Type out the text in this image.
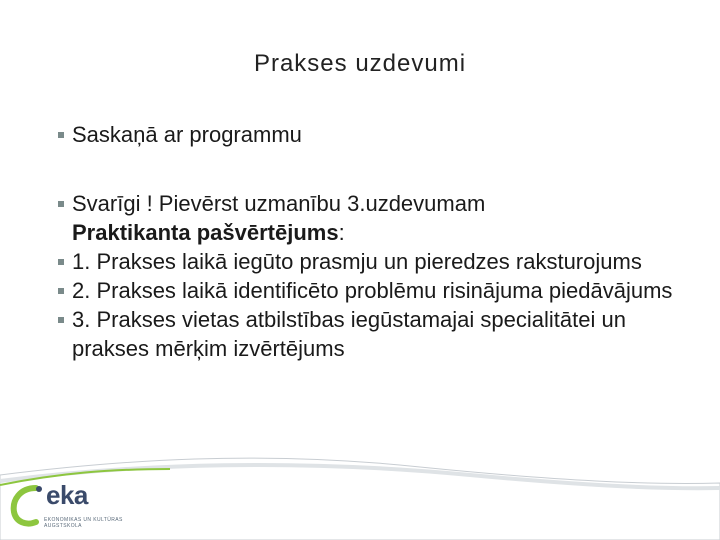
Prakses uzdevumi
Saskaņā ar programmu
Svarīgi ! Pievērst uzmanību 3.uzdevumam
Praktikanta pašvērtējums:
1. Prakses laikā iegūto prasmju un pieredzes raksturojums
2. Prakses laikā identificēto problēmu risinājuma piedāvājums
3. Prakses vietas atbilstības iegūstamajai specialitātei un prakses mērķim izvērtējums
eka
EKONOMIKAS UN KULTŪRAS
AUGSTSKOLA
